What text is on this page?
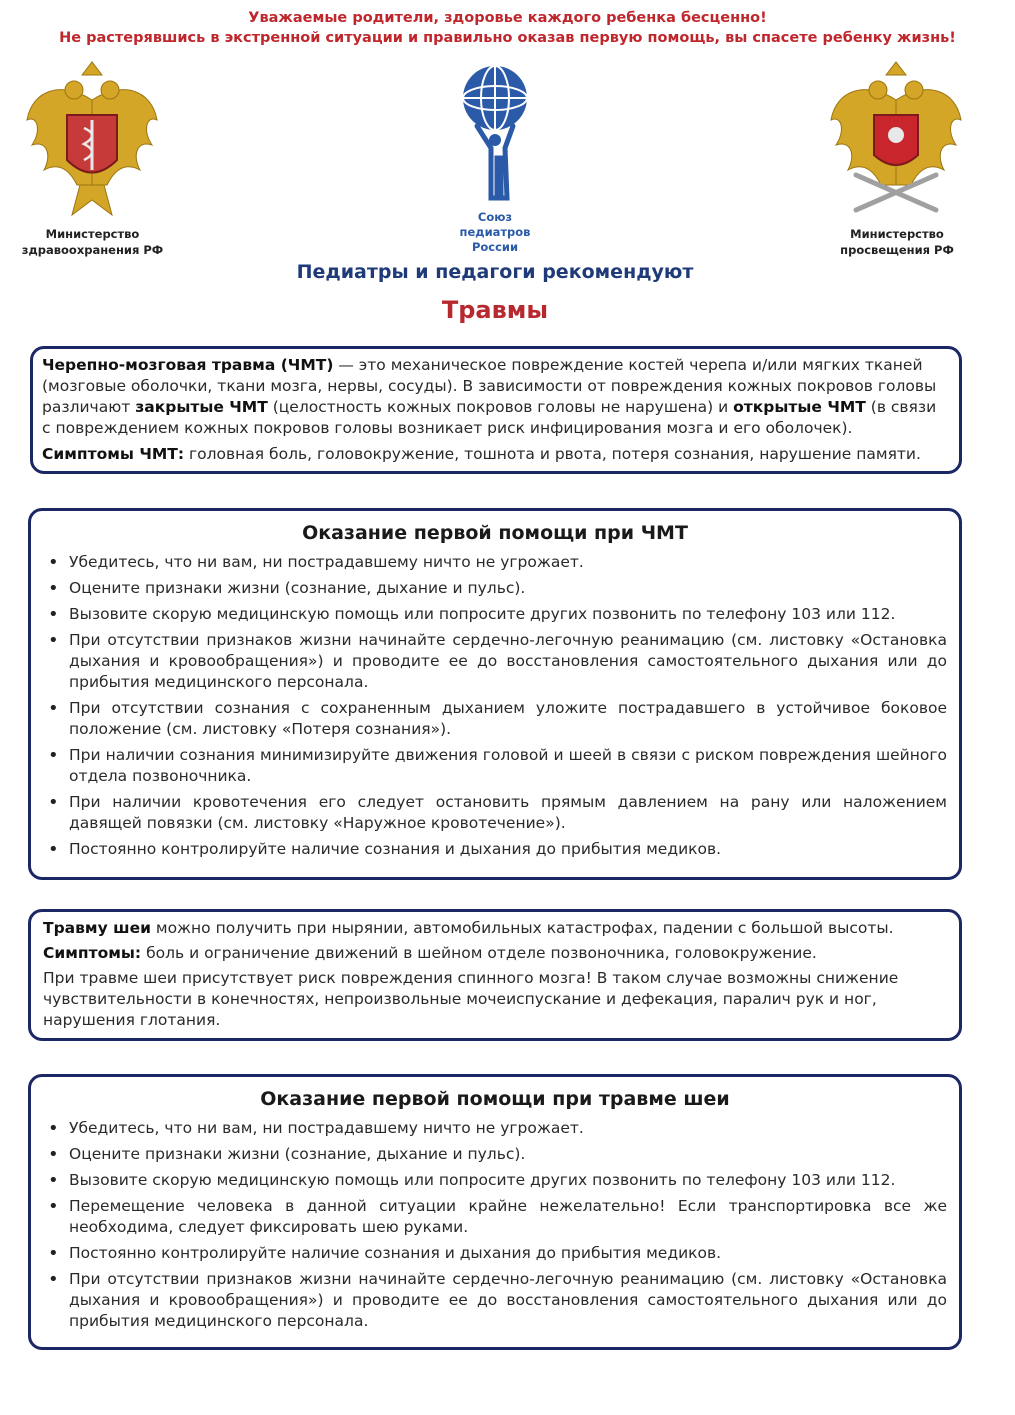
Уважаемые родители, здоровье каждого ребенка бесценно!
Не растерявшись в экстренной ситуации и правильно оказав первую помощь, вы спасете ребенку жизнь!
Министерство
здравоохранения РФ
Союз
педиатров
России
Министерство
просвещения РФ
Педиатры и педагоги рекомендуют
Травмы

Черепно-мозговая травма (ЧМТ) — это механическое повреждение костей черепа и/или мягких тканей (мозговые оболочки, ткани мозга, нервы, сосуды). В зависимости от повреждения кожных покровов головы различают закрытые ЧМТ (целостность кожных покровов головы не нарушена) и открытые ЧМТ (в связи с повреждением кожных покровов головы возникает риск инфицирования мозга и его оболочек).

Симптомы ЧМТ: головная боль, головокружение, тошнота и рвота, потеря сознания, нарушение памяти.

Оказание первой помощи при ЧМТ
• Убедитесь, что ни вам, ни пострадавшему ничто не угрожает.
• Оцените признаки жизни (сознание, дыхание и пульс).
• Вызовите скорую медицинскую помощь или попросите других позвонить по телефону 103 или 112.
• При отсутствии признаков жизни начинайте сердечно-легочную реанимацию (см. листовку «Остановка дыхания и кровообращения») и проводите ее до восстановления самостоятельного дыхания или до прибытия медицинского персонала.
• При отсутствии сознания с сохраненным дыханием уложите пострадавшего в устойчивое боковое положение (см. листовку «Потеря сознания»).
• При наличии сознания минимизируйте движения головой и шеей в связи с риском повреждения шейного отдела позвоночника.
• При наличии кровотечения его следует остановить прямым давлением на рану или наложением давящей повязки (см. листовку «Наружное кровотечение»).
• Постоянно контролируйте наличие сознания и дыхания до прибытия медиков.

Травму шеи можно получить при нырянии, автомобильных катастрофах, падении с большой высоты.

Симптомы: боль и ограничение движений в шейном отделе позвоночника, головокружение.

При травме шеи присутствует риск повреждения спинного мозга! В таком случае возможны снижение чувствительности в конечностях, непроизвольные мочеиспускание и дефекация, паралич рук и ног, нарушения глотания.

Оказание первой помощи при травме шеи
• Убедитесь, что ни вам, ни пострадавшему ничто не угрожает.
• Оцените признаки жизни (сознание, дыхание и пульс).
• Вызовите скорую медицинскую помощь или попросите других позвонить по телефону 103 или 112.
• Перемещение человека в данной ситуации крайне нежелательно! Если транспортировка все же необходима, следует фиксировать шею руками.
• Постоянно контролируйте наличие сознания и дыхания до прибытия медиков.
• При отсутствии признаков жизни начинайте сердечно-легочную реанимацию (см. листовку «Остановка дыхания и кровообращения») и проводите ее до восстановления самостоятельного дыхания или до прибытия медицинского персонала.
